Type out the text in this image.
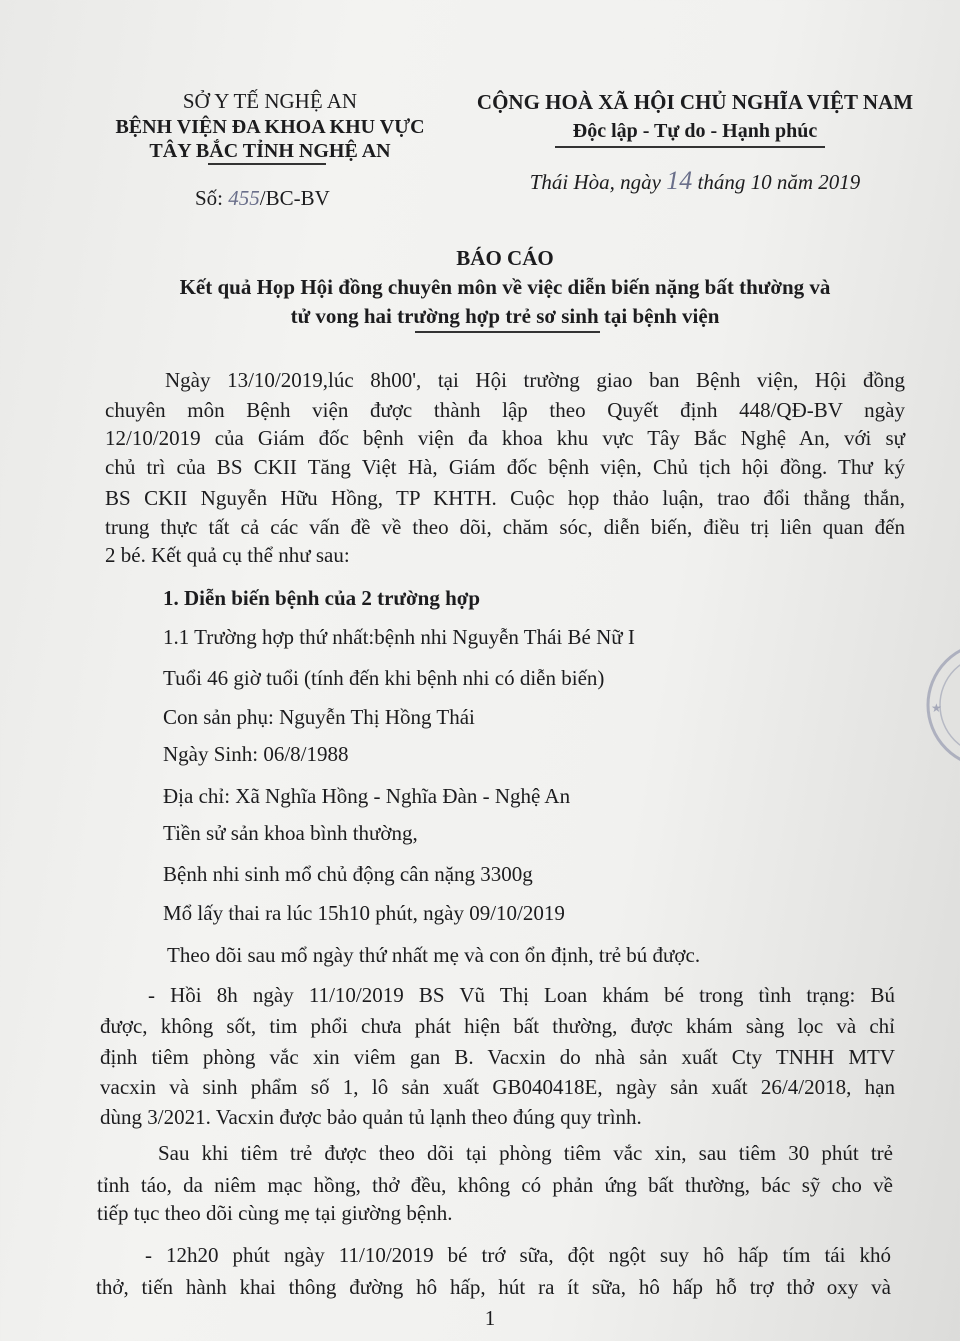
SỞ Y TẾ NGHỆ AN
BỆNH VIỆN ĐA KHOA KHU VỰC
TÂY BẮC TỈNH NGHỆ AN
Số: 455/BC-BV
CỘNG HOÀ XÃ HỘI CHỦ NGHĨA VIỆT NAM
Độc lập - Tự do - Hạnh phúc
Thái Hòa, ngày 14 tháng 10 năm 2019
BÁO CÁO
Kết quả Họp Hội đồng chuyên môn về việc diễn biến nặng bất thường và
tử vong hai trường hợp trẻ sơ sinh tại bệnh viện
Ngày 13/10/2019,lúc 8h00', tại Hội trường giao ban Bệnh viện, Hội đồng
chuyên môn Bệnh viện được thành lập theo Quyết định 448/QĐ-BV ngày
12/10/2019 của Giám đốc bệnh viện đa khoa khu vực Tây Bắc Nghệ An, với sự
chủ trì của BS CKII Tăng Việt Hà, Giám đốc bệnh viện, Chủ tịch hội đồng. Thư ký
BS CKII Nguyễn Hữu Hồng, TP KHTH. Cuộc họp thảo luận, trao đổi thẳng thắn,
trung thực tất cả các vấn đề về theo dõi, chăm sóc, diễn biến, điều trị liên quan đến
2 bé. Kết quả cụ thể như sau:
1. Diễn biến bệnh của 2 trường hợp
1.1 Trường hợp thứ nhất:bệnh nhi Nguyễn Thái Bé Nữ I
Tuổi 46 giờ tuổi (tính đến khi bệnh nhi có diễn biến)
Con sản phụ: Nguyễn Thị Hồng Thái
Ngày Sinh: 06/8/1988
Địa chỉ: Xã Nghĩa Hồng - Nghĩa Đàn - Nghệ An
Tiền sử sản khoa bình thường,
Bệnh nhi sinh mổ chủ động cân nặng 3300g
Mổ lấy thai ra lúc 15h10 phút, ngày 09/10/2019
Theo dõi sau mổ ngày thứ nhất mẹ và con ổn định, trẻ bú được.
- Hồi 8h ngày 11/10/2019 BS Vũ Thị Loan khám bé trong tình trạng: Bú
được, không sốt, tim phổi chưa phát hiện bất thường, được khám sàng lọc và chỉ
định tiêm phòng vắc xin viêm gan B. Vacxin do nhà sản xuất Cty TNHH MTV
vacxin và sinh phẩm số 1, lô sản xuất GB040418E, ngày sản xuất 26/4/2018, hạn
dùng 3/2021. Vacxin được bảo quản tủ lạnh theo đúng quy trình.
Sau khi tiêm trẻ được theo dõi tại phòng tiêm vắc xin, sau tiêm 30 phút trẻ
tỉnh táo, da niêm mạc hồng, thở đều, không có phản ứng bất thường, bác sỹ cho về
tiếp tục theo dõi cùng mẹ tại giường bệnh.
- 12h20 phút ngày 11/10/2019 bé trớ sữa, đột ngột suy hô hấp tím tái khó
thở, tiến hành khai thông đường hô hấp, hút ra ít sữa, hô hấp hỗ trợ thở oxy và
1
★
